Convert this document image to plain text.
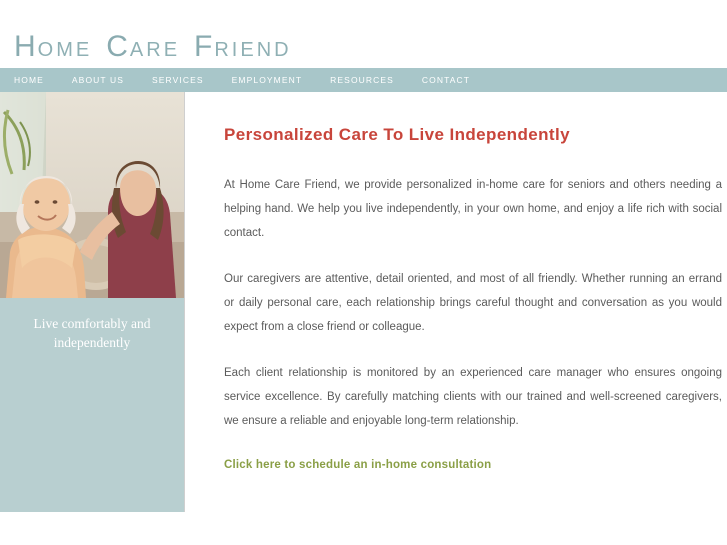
HOME CARE FRIEND
HOME	ABOUT US	SERVICES	EMPLOYMENT	RESOURCES	CONTACT
Live comfortably and
independently
Personalized Care To Live Independently

At Home Care Friend, we provide personalized in-home care for seniors and others needing a helping hand. We help you live independently, in your own home, and enjoy a life rich with social contact.

Our caregivers are attentive, detail oriented, and most of all friendly. Whether running an errand or daily personal care, each relationship brings careful thought and conversation as you would expect from a close friend or colleague.

Each client relationship is monitored by an experienced care manager who ensures ongoing service excellence. By carefully matching clients with our trained and well-screened caregivers, we ensure a reliable and enjoyable long-term relationship.

Click here to schedule an in-home consultation
